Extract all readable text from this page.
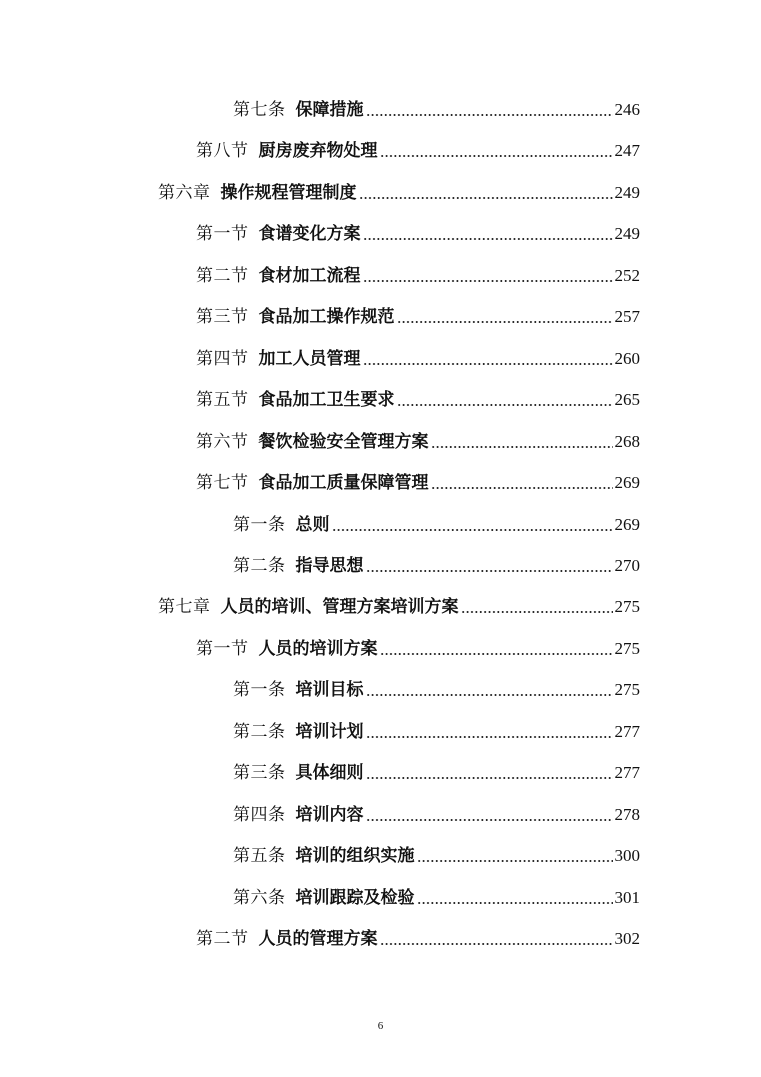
第七条 保障措施	246
第八节 厨房废弃物处理	247
第六章 操作规程管理制度	249
第一节 食谱变化方案	249
第二节 食材加工流程	252
第三节 食品加工操作规范	257
第四节 加工人员管理	260
第五节 食品加工卫生要求	265
第六节 餐饮检验安全管理方案	268
第七节 食品加工质量保障管理	269
第一条 总则	269
第二条 指导思想	270
第七章 人员的培训、管理方案培训方案	275
第一节 人员的培训方案	275
第一条 培训目标	275
第二条 培训计划	277
第三条 具体细则	277
第四条 培训内容	278
第五条 培训的组织实施	300
第六条 培训跟踪及检验	301
第二节 人员的管理方案	302
6
